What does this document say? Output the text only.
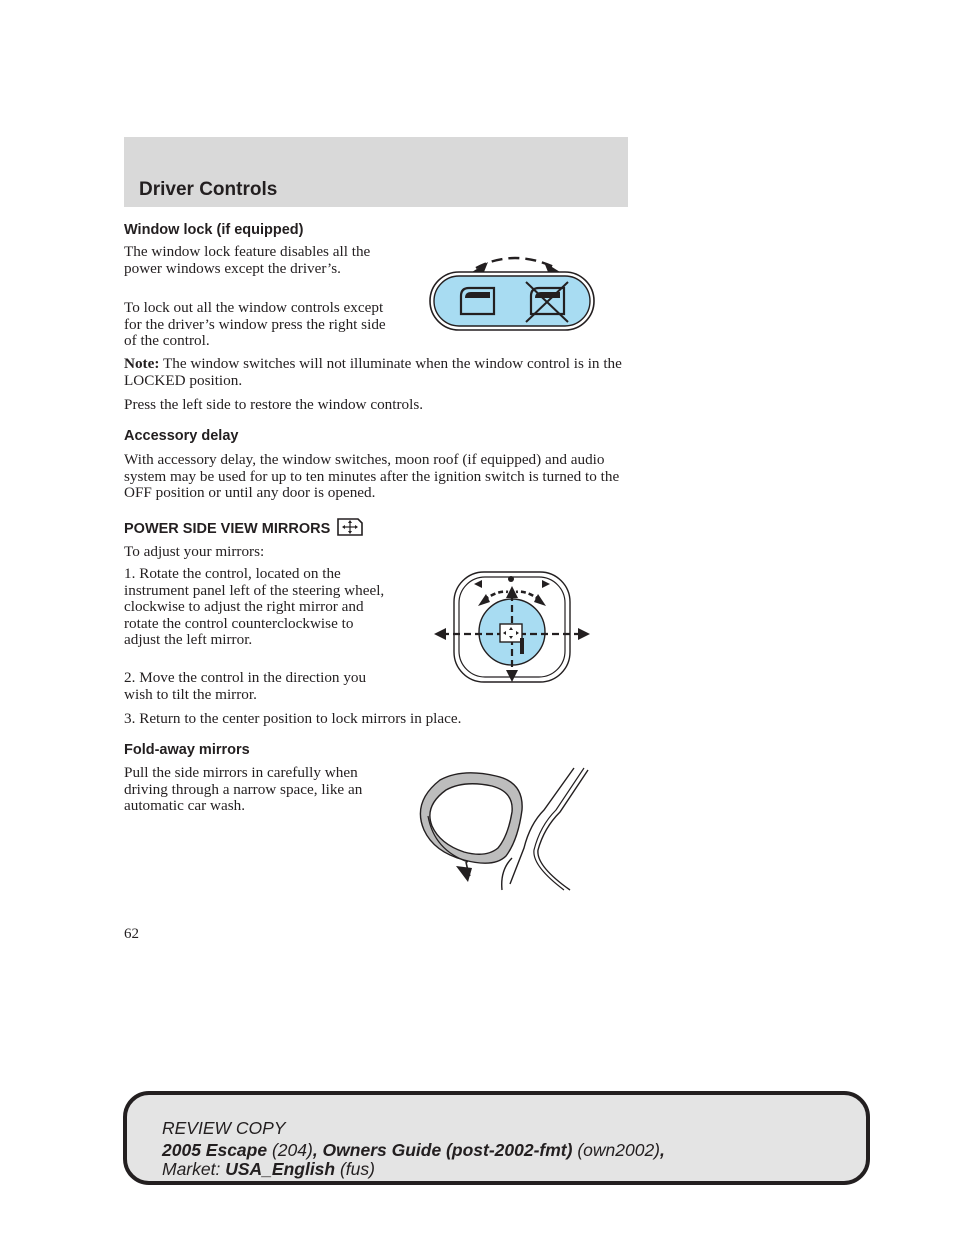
Driver Controls
Window lock (if equipped)

The window lock feature disables all the power windows except the driver’s.

To lock out all the window controls except for the driver’s window press the right side of the control.

Note: The window switches will not illuminate when the window control is in the LOCKED position.

Press the left side to restore the window controls.

Accessory delay

With accessory delay, the window switches, moon roof (if equipped) and audio system may be used for up to ten minutes after the ignition switch is turned to the OFF position or until any door is opened.

POWER SIDE VIEW MIRRORS

To adjust your mirrors:

1. Rotate the control, located on the instrument panel left of the steering wheel, clockwise to adjust the right mirror and rotate the control counterclockwise to adjust the left mirror.

2. Move the control in the direction you wish to tilt the mirror.

3. Return to the center position to lock mirrors in place.

Fold-away mirrors

Pull the side mirrors in carefully when driving through a narrow space, like an automatic car wash.

62
REVIEW COPY
2005 Escape (204), Owners Guide (post-2002-fmt) (own2002),
Market: USA_English (fus)
